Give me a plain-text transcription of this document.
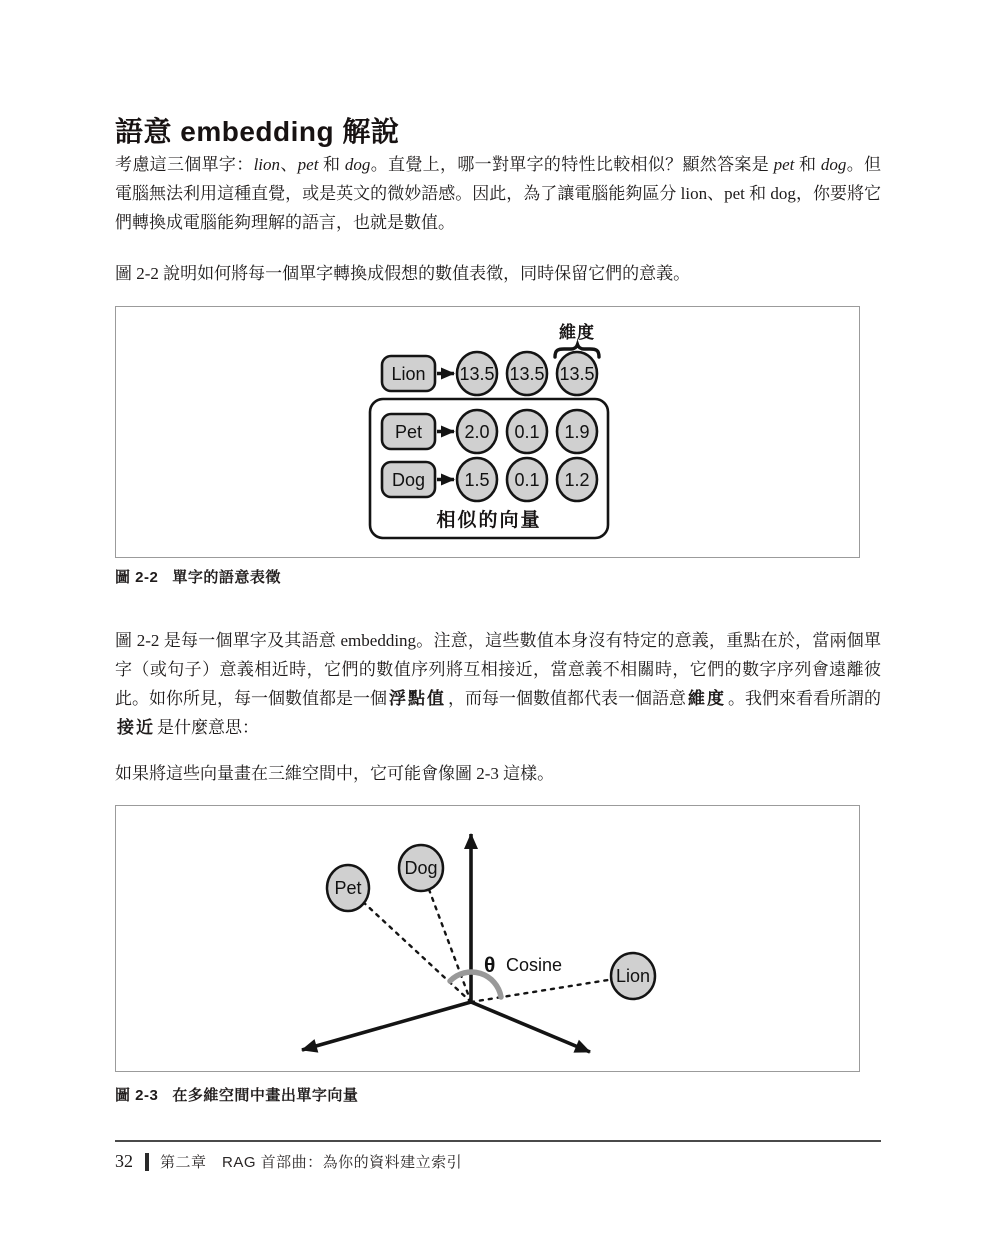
語意 embedding 解說

考慮這三個單字：lion、pet 和 dog。直覺上，哪一對單字的特性比較相似？顯然答案是 pet 和 dog。但電腦無法利用這種直覺，或是英文的微妙語感。因此，為了讓電腦能夠區分 lion、pet 和 dog，你要將它們轉換成電腦能夠理解的語言，也就是數值。

圖 2-2 說明如何將每一個單字轉換成假想的數值表徵，同時保留它們的意義。

維度
Lion 13.5 13.5 13.5
Pet 2.0 0.1 1.9
Dog 1.5 0.1 1.2
相似的向量
圖 2-2 單字的語意表徵

圖 2-2 是每一個單字及其語意 embedding。注意，這些數值本身沒有特定的意義，重點在於，當兩個單字（或句子）意義相近時，它們的數值序列將互相接近，當意義不相關時，它們的數字序列會遠離彼此。如你所見，每一個數值都是一個 浮點值 ，而每一個數值都代表一個語意 維度 。我們來看看所謂的接近 是什麼意思：

如果將這些向量畫在三維空間中，它可能會像圖 2-3 這樣。

θ Cosine
Pet
Dog
Lion
圖 2-3 在多維空間中畫出單字向量
32 第二章　RAG 首部曲：為你的資料建立索引
